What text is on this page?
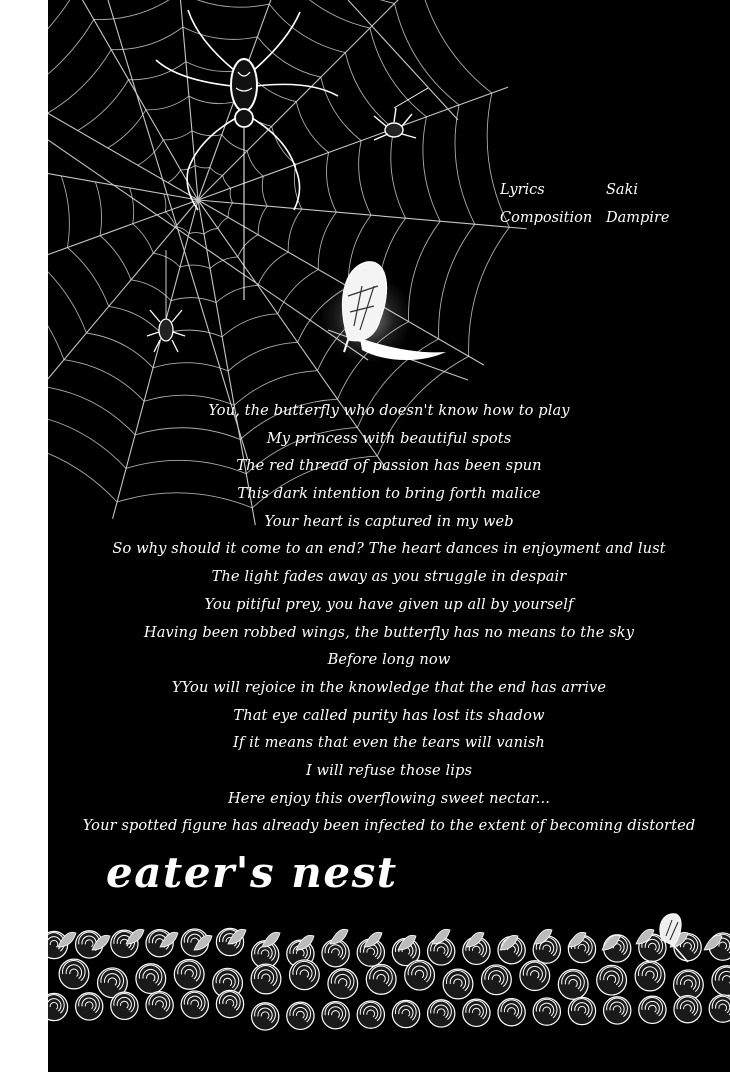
Lyrics	Saki
Composition Dampire
You, the butterfly who doesn't know how to play
My princess with beautiful spots
The red thread of passion has been spun
This dark intention to bring forth malice
Your heart is captured in my web
So why should it come to an end? The heart dances in enjoyment and lust
The light fades away as you struggle in despair
You pitiful prey, you have given up all by yourself
Having been robbed wings, the butterfly has no means to the sky
Before long now
YYou will rejoice in the knowledge that the end has arrive
That eye called purity has lost its shadow
If it means that even the tears will vanish
I will refuse those lips
Here enjoy this overflowing sweet nectar...
Your spotted figure has already been infected to the extent of becoming distorted
eater's nest
